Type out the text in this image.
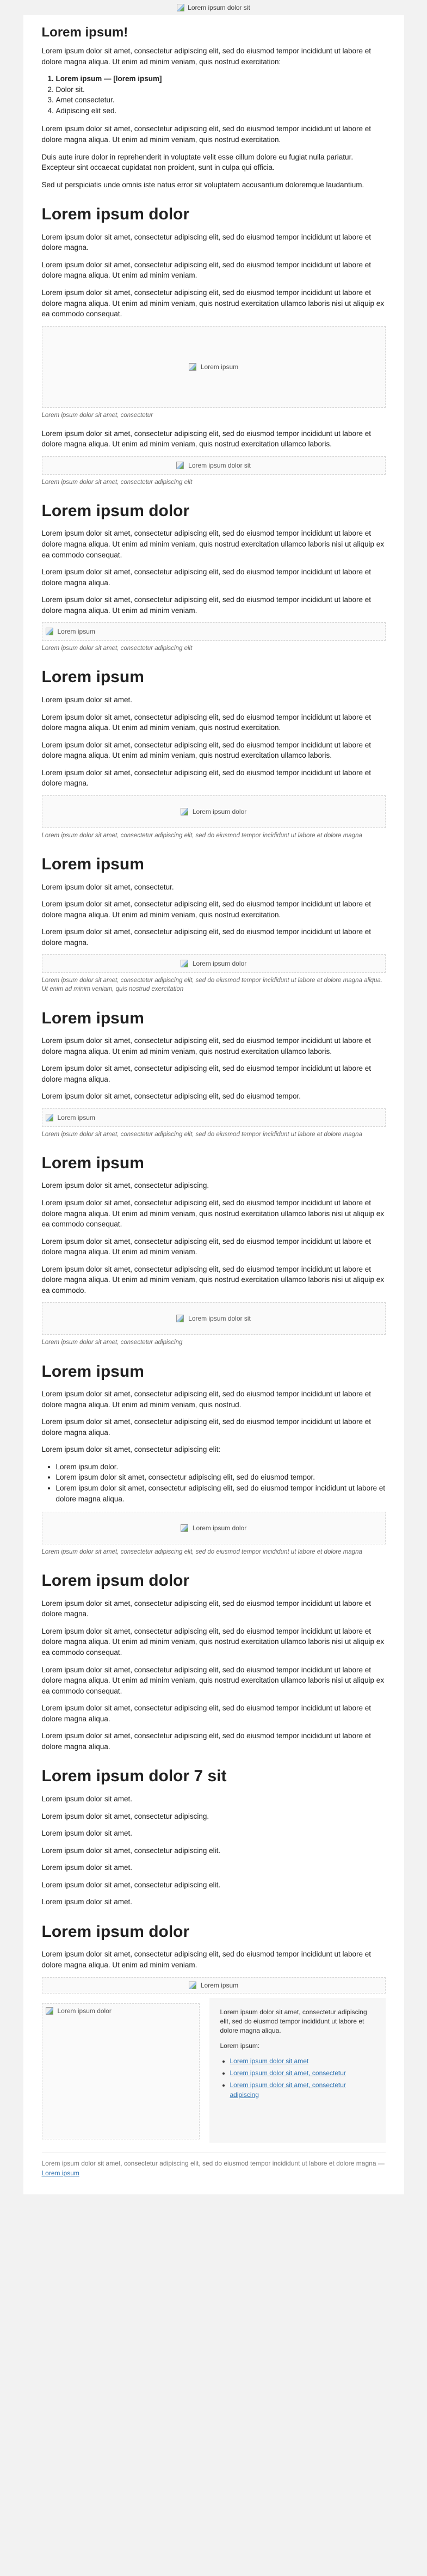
Lorem ipsum dolor sit
Lorem ipsum!

Lorem ipsum dolor sit amet, consectetur adipiscing elit, sed do eiusmod tempor incididunt ut labore et dolore magna aliqua. Ut enim ad minim veniam, quis nostrud exercitation:

1. Lorem ipsum — [lorem ipsum]
2. Dolor sit.
3. Amet consectetur.
4. Adipiscing elit sed.

Lorem ipsum dolor sit amet, consectetur adipiscing elit, sed do eiusmod tempor incididunt ut labore et dolore magna aliqua. Ut enim ad minim veniam, quis nostrud exercitation.

Duis aute irure dolor in reprehenderit in voluptate velit esse cillum dolore eu fugiat nulla pariatur. Excepteur sint occaecat cupidatat non proident, sunt in culpa qui officia.

Sed ut perspiciatis unde omnis iste natus error sit voluptatem accusantium doloremque laudantium.

Lorem ipsum dolor

Lorem ipsum dolor sit amet, consectetur adipiscing elit, sed do eiusmod tempor incididunt ut labore et dolore magna.

Lorem ipsum dolor sit amet, consectetur adipiscing elit, sed do eiusmod tempor incididunt ut labore et dolore magna aliqua. Ut enim ad minim veniam.

Lorem ipsum dolor sit amet, consectetur adipiscing elit, sed do eiusmod tempor incididunt ut labore et dolore magna aliqua. Ut enim ad minim veniam, quis nostrud exercitation ullamco laboris nisi ut aliquip ex ea commodo consequat.

Lorem ipsum
Lorem ipsum dolor sit amet, consectetur

Lorem ipsum dolor sit amet, consectetur adipiscing elit, sed do eiusmod tempor incididunt ut labore et dolore magna aliqua. Ut enim ad minim veniam, quis nostrud exercitation ullamco laboris.

Lorem ipsum dolor sit
Lorem ipsum dolor sit amet, consectetur adipiscing elit
Lorem ipsum dolor

Lorem ipsum dolor sit amet, consectetur adipiscing elit, sed do eiusmod tempor incididunt ut labore et dolore magna aliqua. Ut enim ad minim veniam, quis nostrud exercitation ullamco laboris nisi ut aliquip ex ea commodo consequat.

Lorem ipsum dolor sit amet, consectetur adipiscing elit, sed do eiusmod tempor incididunt ut labore et dolore magna aliqua.

Lorem ipsum dolor sit amet, consectetur adipiscing elit, sed do eiusmod tempor incididunt ut labore et dolore magna aliqua. Ut enim ad minim veniam.

Lorem ipsum
Lorem ipsum dolor sit amet, consectetur adipiscing elit
Lorem ipsum

Lorem ipsum dolor sit amet.

Lorem ipsum dolor sit amet, consectetur adipiscing elit, sed do eiusmod tempor incididunt ut labore et dolore magna aliqua. Ut enim ad minim veniam, quis nostrud exercitation.

Lorem ipsum dolor sit amet, consectetur adipiscing elit, sed do eiusmod tempor incididunt ut labore et dolore magna aliqua. Ut enim ad minim veniam, quis nostrud exercitation ullamco laboris.

Lorem ipsum dolor sit amet, consectetur adipiscing elit, sed do eiusmod tempor incididunt ut labore et dolore magna.

Lorem ipsum dolor
Lorem ipsum dolor sit amet, consectetur adipiscing elit, sed do eiusmod tempor incididunt ut labore et dolore magna
Lorem ipsum

Lorem ipsum dolor sit amet, consectetur.

Lorem ipsum dolor sit amet, consectetur adipiscing elit, sed do eiusmod tempor incididunt ut labore et dolore magna aliqua. Ut enim ad minim veniam, quis nostrud exercitation.

Lorem ipsum dolor sit amet, consectetur adipiscing elit, sed do eiusmod tempor incididunt ut labore et dolore magna.

Lorem ipsum dolor
Lorem ipsum dolor sit amet, consectetur adipiscing elit, sed do eiusmod tempor incididunt ut labore et dolore magna aliqua. Ut enim ad minim veniam, quis nostrud exercitation
Lorem ipsum

Lorem ipsum dolor sit amet, consectetur adipiscing elit, sed do eiusmod tempor incididunt ut labore et dolore magna aliqua. Ut enim ad minim veniam, quis nostrud exercitation ullamco laboris.

Lorem ipsum dolor sit amet, consectetur adipiscing elit, sed do eiusmod tempor incididunt ut labore et dolore magna aliqua.

Lorem ipsum dolor sit amet, consectetur adipiscing elit, sed do eiusmod tempor.

Lorem ipsum
Lorem ipsum dolor sit amet, consectetur adipiscing elit, sed do eiusmod tempor incididunt ut labore et dolore magna
Lorem ipsum

Lorem ipsum dolor sit amet, consectetur adipiscing.

Lorem ipsum dolor sit amet, consectetur adipiscing elit, sed do eiusmod tempor incididunt ut labore et dolore magna aliqua. Ut enim ad minim veniam, quis nostrud exercitation ullamco laboris nisi ut aliquip ex ea commodo consequat.

Lorem ipsum dolor sit amet, consectetur adipiscing elit, sed do eiusmod tempor incididunt ut labore et dolore magna aliqua. Ut enim ad minim veniam.

Lorem ipsum dolor sit amet, consectetur adipiscing elit, sed do eiusmod tempor incididunt ut labore et dolore magna aliqua. Ut enim ad minim veniam, quis nostrud exercitation ullamco laboris nisi ut aliquip ex ea commodo.

Lorem ipsum dolor sit
Lorem ipsum dolor sit amet, consectetur adipiscing
Lorem ipsum

Lorem ipsum dolor sit amet, consectetur adipiscing elit, sed do eiusmod tempor incididunt ut labore et dolore magna aliqua. Ut enim ad minim veniam, quis nostrud.

Lorem ipsum dolor sit amet, consectetur adipiscing elit, sed do eiusmod tempor incididunt ut labore et dolore magna aliqua.

Lorem ipsum dolor sit amet, consectetur adipiscing elit:

• Lorem ipsum dolor.
• Lorem ipsum dolor sit amet, consectetur adipiscing elit, sed do eiusmod tempor.
• Lorem ipsum dolor sit amet, consectetur adipiscing elit, sed do eiusmod tempor incididunt ut labore et dolore magna aliqua.
Lorem ipsum dolor
Lorem ipsum dolor sit amet, consectetur adipiscing elit, sed do eiusmod tempor incididunt ut labore et dolore magna
Lorem ipsum dolor

Lorem ipsum dolor sit amet, consectetur adipiscing elit, sed do eiusmod tempor incididunt ut labore et dolore magna.

Lorem ipsum dolor sit amet, consectetur adipiscing elit, sed do eiusmod tempor incididunt ut labore et dolore magna aliqua. Ut enim ad minim veniam, quis nostrud exercitation ullamco laboris nisi ut aliquip ex ea commodo consequat.

Lorem ipsum dolor sit amet, consectetur adipiscing elit, sed do eiusmod tempor incididunt ut labore et dolore magna aliqua. Ut enim ad minim veniam, quis nostrud exercitation ullamco laboris nisi ut aliquip ex ea commodo consequat.

Lorem ipsum dolor sit amet, consectetur adipiscing elit, sed do eiusmod tempor incididunt ut labore et dolore magna aliqua.

Lorem ipsum dolor sit amet, consectetur adipiscing elit, sed do eiusmod tempor incididunt ut labore et dolore magna aliqua.

Lorem ipsum dolor 7 sit

Lorem ipsum dolor sit amet.

Lorem ipsum dolor sit amet, consectetur adipiscing.

Lorem ipsum dolor sit amet.

Lorem ipsum dolor sit amet, consectetur adipiscing elit.

Lorem ipsum dolor sit amet.

Lorem ipsum dolor sit amet, consectetur adipiscing elit.

Lorem ipsum dolor sit amet.

Lorem ipsum dolor

Lorem ipsum dolor sit amet, consectetur adipiscing elit, sed do eiusmod tempor incididunt ut labore et dolore magna aliqua. Ut enim ad minim veniam.

Lorem ipsum
Lorem ipsum dolor	Lorem ipsum dolor sit amet, consectetur adipiscing elit, sed do eiusmod tempor incididunt ut labore et dolore magna aliqua.

Lorem ipsum:

• Lorem ipsum dolor sit amet
• Lorem ipsum dolor sit amet, consectetur
• Lorem ipsum dolor sit amet, consectetur adipiscing
Lorem ipsum dolor sit amet, consectetur adipiscing elit, sed do eiusmod tempor incididunt ut labore et dolore magna — Lorem ipsum
